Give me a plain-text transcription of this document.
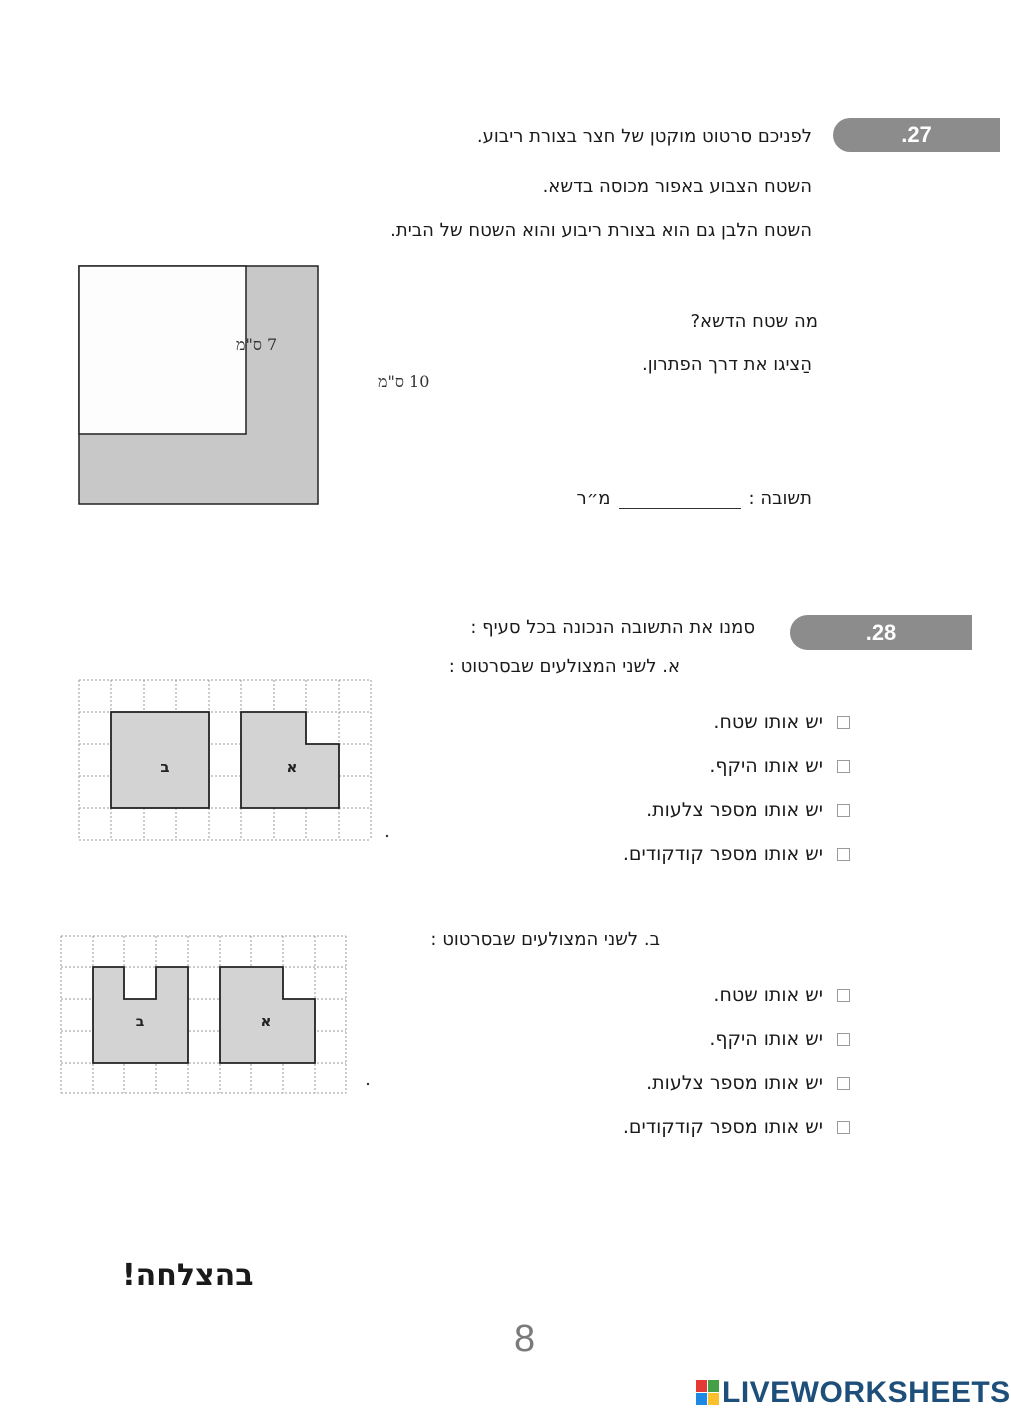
.27
לפניכם סרטוט מוקטן של חצר בצורת ריבוע.
השטח הצבוע באפור מכוסה בדשא.
השטח הלבן גם הוא בצורת ריבוע והוא השטח של הבית.
7 ס"מ
10 ס"מ
מה שטח הדשא?
הַציגו את דרך הפתרון.
תשובה :מ״ר
.28
סמנו את התשובה הנכונה בכל סעיף :
א. לשני המצולעים שבסרטוט :
ב	א
יש אותו שטח.
יש אותו היקף.
יש אותו מספר צלעות.
יש אותו מספר קודקודים.
ב. לשני המצולעים שבסרטוט :
ב	א
יש אותו שטח.
יש אותו היקף.
יש אותו מספר צלעות.
יש אותו מספר קודקודים.
בהצלחה!
8
LIVEWORKSHEETS
